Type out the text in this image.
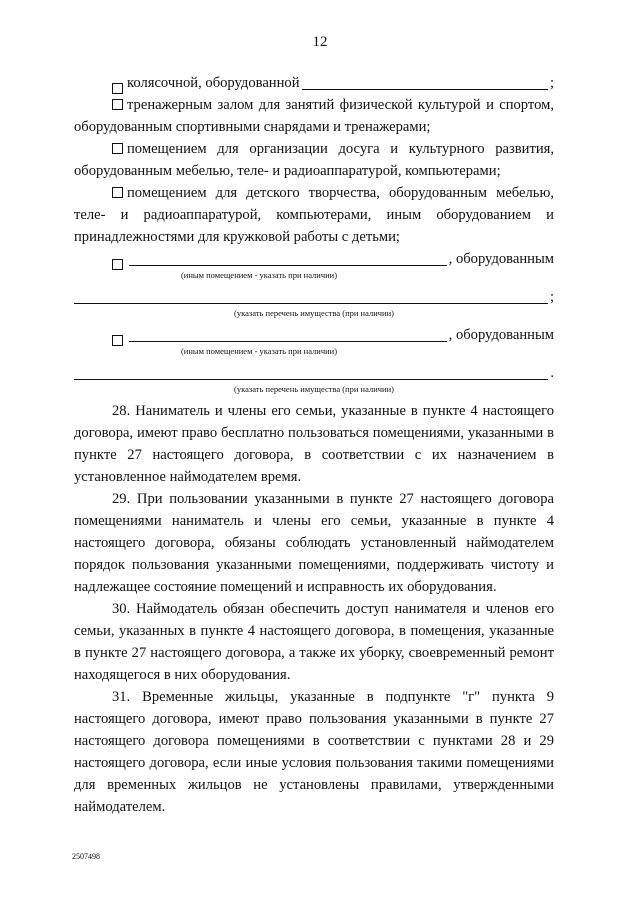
12
колясочной, оборудованной	;

тренажерным залом для занятий физической культурой и спортом, оборудованным спортивными снарядами и тренажерами;

помещением для организации досуга и культурного развития, оборудованным мебелью, теле- и радиоаппаратурой, компьютерами;

помещением для детского творчества, оборудованным мебелью, теле- и радиоаппаратурой, компьютерами, иным оборудованием и принадлежностями для кружковой работы с детьми;

, оборудованным
(иным помещением - указать при наличии)
;
(указать перечень имущества (при наличии)
, оборудованным
(иным помещением - указать при наличии)
.
(указать перечень имущества (при наличии)

28. Наниматель и члены его семьи, указанные в пункте 4 настоящего договора, имеют право бесплатно пользоваться помещениями, указанными в пункте 27 настоящего договора, в соответствии с их назначением в установленное наймодателем время.

29. При пользовании указанными в пункте 27 настоящего договора помещениями наниматель и члены его семьи, указанные в пункте 4 настоящего договора, обязаны соблюдать установленный наймодателем порядок пользования указанными помещениями, поддерживать чистоту и надлежащее состояние помещений и исправность их оборудования.

30. Наймодатель обязан обеспечить доступ нанимателя и членов его семьи, указанных в пункте 4 настоящего договора, в помещения, указанные в пункте 27 настоящего договора, а также их уборку, своевременный ремонт находящегося в них оборудования.

31. Временные жильцы, указанные в подпункте "г" пункта 9 настоящего договора, имеют право пользования указанными в пункте 27 настоящего договора помещениями в соответствии с пунктами 28 и 29 настоящего договора, если иные условия пользования такими помещениями для временных жильцов не установлены правилами, утвержденными наймодателем.

2507498
